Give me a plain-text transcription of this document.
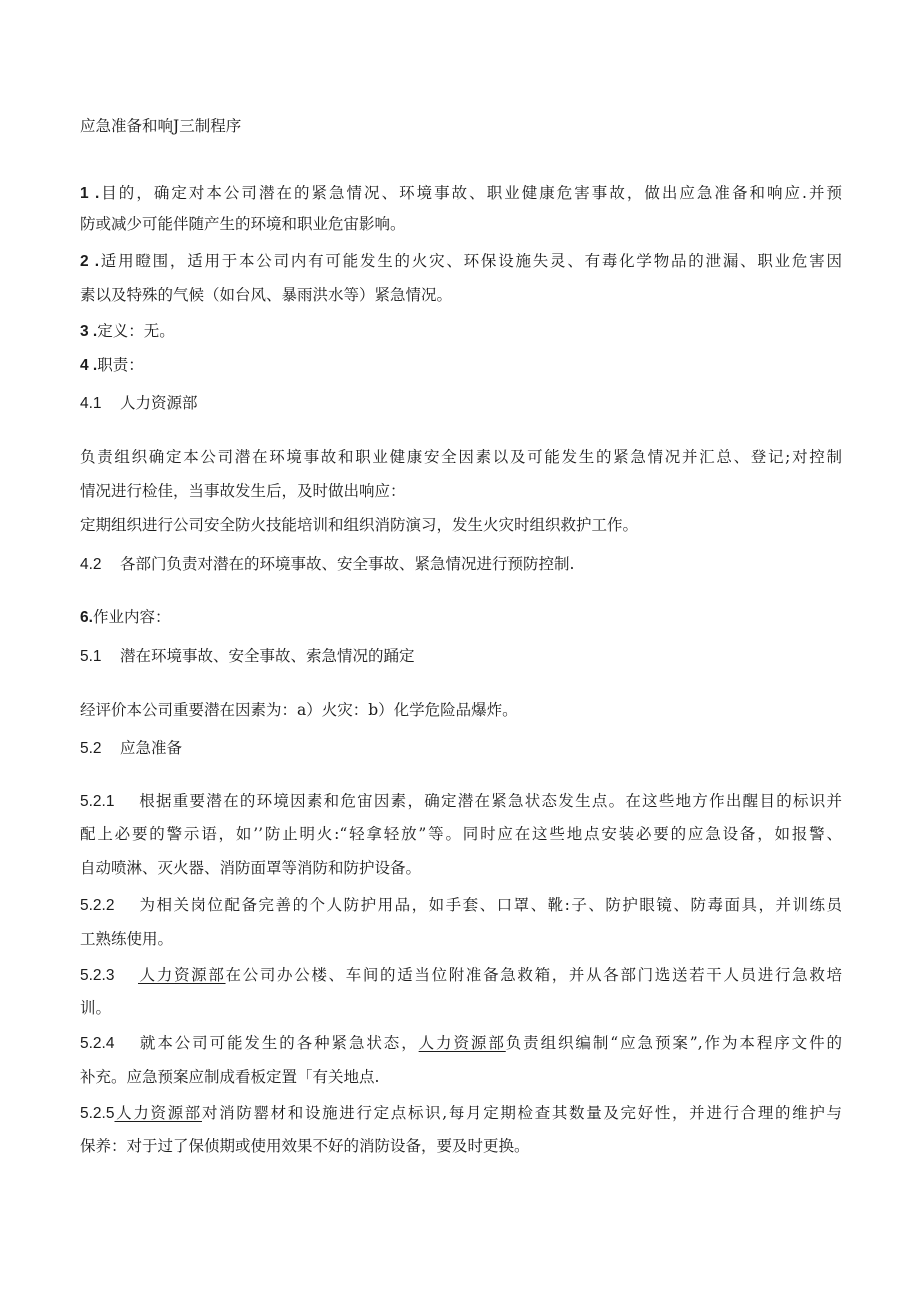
应急准备和响J三制程序
1 .目的，确定对本公司潜在的紧急情况、环境事故、职业健康危害事故，做出应急准备和响应.并预
防或减少可能伴随产生的环境和职业危宙影响。
2 .适用瞪围，适用于本公司内有可能发生的火灾、环保设施失灵、有毒化学物品的泄漏、职业危害因
素以及特殊的气候（如台风、暴雨洪水等）紧急情况。
3 .定义：无。
4 .职责：
4.1 人力资源部
负责组织确定本公司潜在环境事故和职业健康安全因素以及可能发生的紧急情况并汇总、登记;对控制
情况进行检佳，当事故发生后，及时做出响应：
定期组织进行公司安全防火技能培训和组织消防演习，发生火灾时组织救护工作。
4.2 各部门负责对潜在的环境事故、安全事故、紧急情况进行预防控制.
6.作业内容：
5.1 潜在环境事故、安全事故、索急情况的踊定
经评价本公司重要潜在因素为：a）火灾：b）化学危险品爆炸。
5.2 应急准备
5.2.1 根据重要潜在的环境因素和危宙因素，确定潜在紧急状态发生点。在这些地方作出醒目的标识并
配上必要的警示语，如’’防止明火:“轻拿轻放”等。同时应在这些地点安装必要的应急设备，如报警、
自动喷淋、灭火器、消防面罩等消防和防护设备。
5.2.2 为相关岗位配备完善的个人防护用品，如手套、口罩、靴:子、防护眼镜、防毒面具，并训练员
工熟练使用。
5.2.3 人力资源部在公司办公楼、车间的适当位附准备急救箱，并从各部门选送若干人员进行急救培
训。
5.2.4 就本公司可能发生的各种紧急状态，人力资源部负责组织编制“应急预案”,作为本程序文件的
补充。应急预案应制成看板定置「有关地点.
5.2.5人力资源部对消防罂材和设施进行定点标识,每月定期检查其数量及完好性，并进行合理的维护与
保养：对于过了保侦期或使用效果不好的消防设备，要及时更换。
